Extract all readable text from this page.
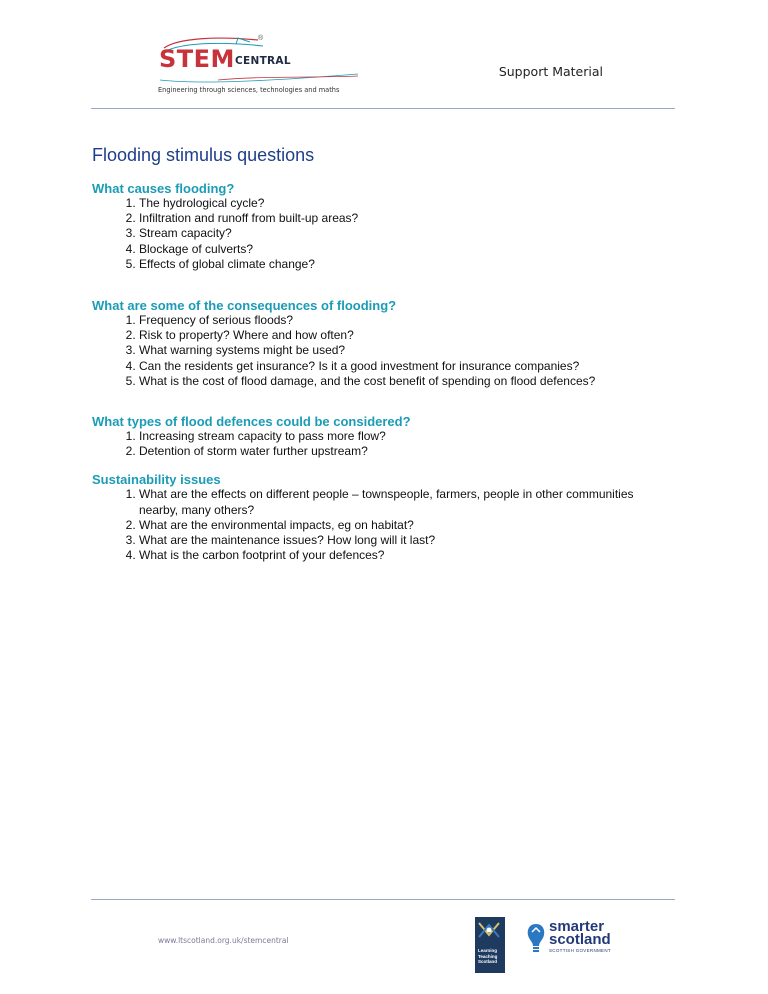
STEM CENTRAL
®
Engineering through sciences, technologies and maths
Support Material
Flooding stimulus questions
What causes flooding?
1. The hydrological cycle?
2. Infiltration and runoff from built-up areas?
3. Stream capacity?
4. Blockage of culverts?
5. Effects of global climate change?
What are some of the consequences of flooding?
1. Frequency of serious floods?
2. Risk to property? Where and how often?
3. What warning systems might be used?
4. Can the residents get insurance? Is it a good investment for insurance companies?
5. What is the cost of flood damage, and the cost benefit of spending on flood defences?
What types of flood defences could be considered?
1. Increasing stream capacity to pass more flow?
2. Detention of storm water further upstream?
Sustainability issues
1. What are the effects on different people – townspeople, farmers, people in other communities nearby, many others?
2. What are the environmental impacts, eg on habitat?
3. What are the maintenance issues? How long will it last?
4. What is the carbon footprint of your defences?
www.ltscotland.org.uk/stemcentral
Learning Teaching Scotland
smarter
scotland
SCOTTISH GOVERNMENT
